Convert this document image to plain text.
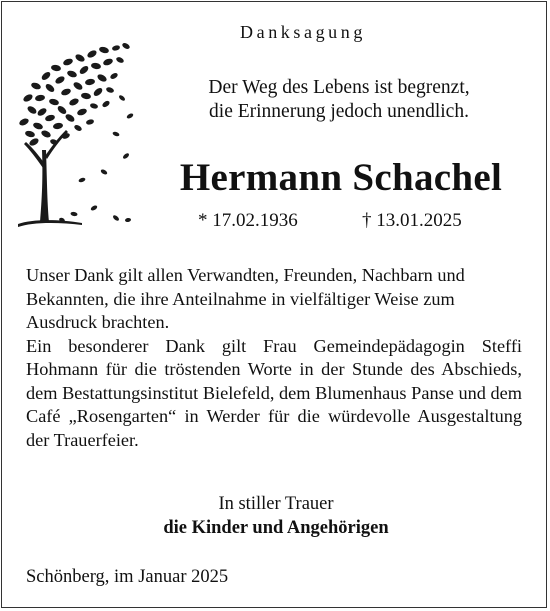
Danksagung
Der Weg des Lebens ist begrenzt,
die Erinnerung jedoch unendlich.
Hermann Schachel
* 17.02.1936	† 13.01.2025

Unser Dank gilt allen Verwandten, Freunden, Nachbarn und Bekannten, die ihre Anteilnahme in vielfältiger Weise zum Ausdruck brachten.

Ein besonderer Dank gilt Frau Gemeindepädagogin Steffi Hohmann für die tröstenden Worte in der Stunde des Abschieds, dem Bestattungsinstitut Bielefeld, dem Blumenhaus Panse und dem Café „Rosengarten“ in Werder für die würdevolle Ausgestaltung der Trauerfeier.

In stiller Trauer
die Kinder und Angehörigen
Schönberg, im Januar 2025
